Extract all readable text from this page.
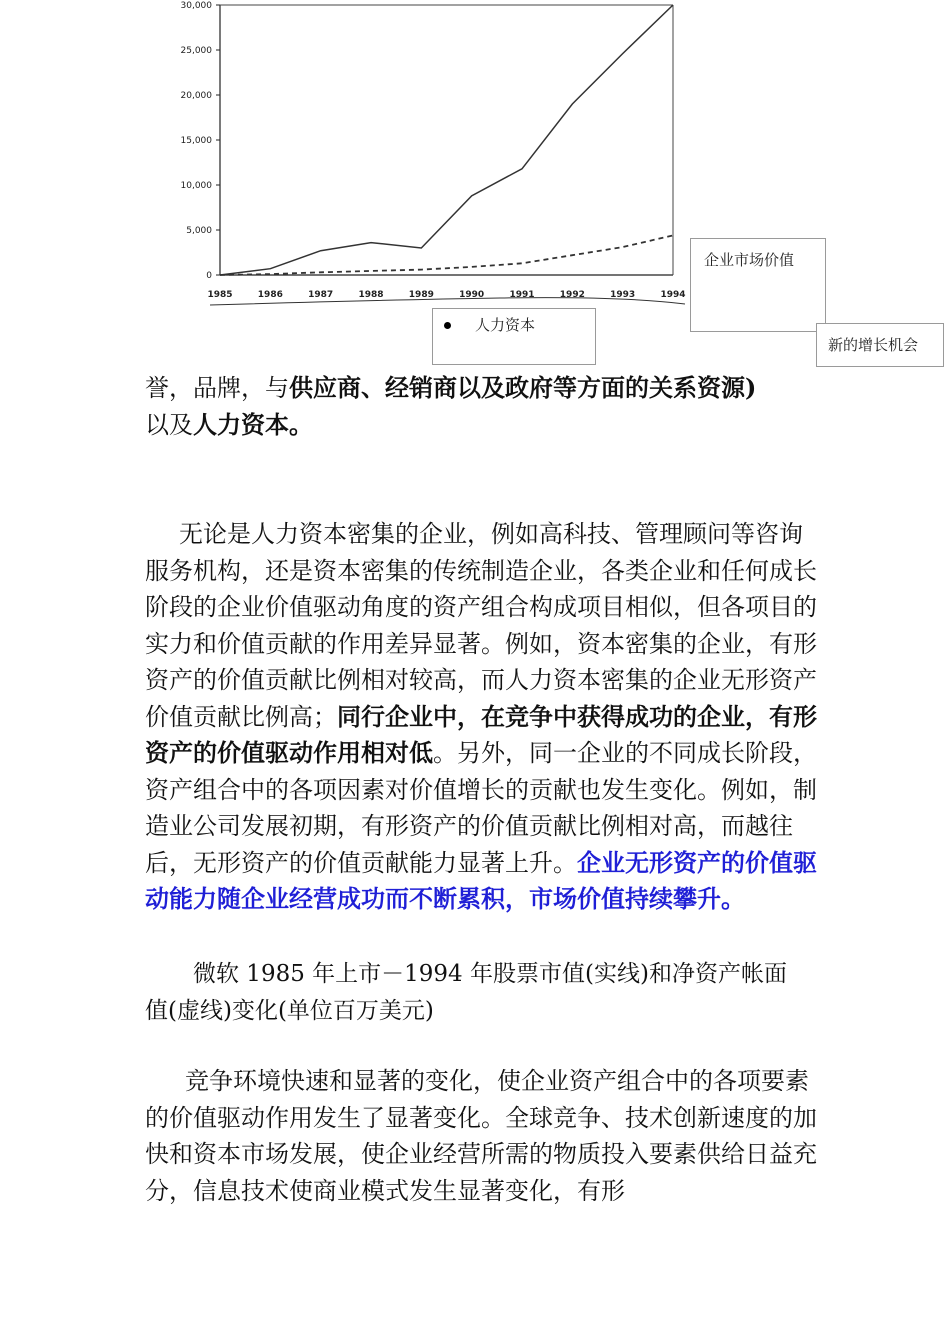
0
5,000
10,000
15,000
20,000
25,000
30,000
1985	1986	1987	1988	1989	1990	1991	1992	1993	1994
企业市场价值
新的增长机会
人力资本
誉，品牌，与供应商、经销商以及政府等方面的关系资源)
以及人力资本。
无论是人力资本密集的企业，例如高科技、管理顾问等咨询服务机构，还是资本密集的传统制造企业，各类企业和任何成长阶段的企业价值驱动角度的资产组合构成项目相似，但各项目的实力和价值贡献的作用差异显著。例如，资本密集的企业，有形资产的价值贡献比例相对较高，而人力资本密集的企业无形资产价值贡献比例高；同行企业中，在竞争中获得成功的企业，有形资产的价值驱动作用相对低。另外，同一企业的不同成长阶段，资产组合中的各项因素对价值增长的贡献也发生变化。例如，制造业公司发展初期，有形资产的价值贡献比例相对高，而越往后，无形资产的价值贡献能力显著上升。企业无形资产的价值驱动能力随企业经营成功而不断累积，市场价值持续攀升。
微软 1985 年上市－1994 年股票市值(实线)和净资产帐面值(虚线)变化(单位百万美元)
竞争环境快速和显著的变化，使企业资产组合中的各项要素的价值驱动作用发生了显著变化。全球竞争、技术创新速度的加快和资本市场发展，使企业经营所需的物质投入要素供给日益充分，信息技术使商业模式发生显著变化，有形
